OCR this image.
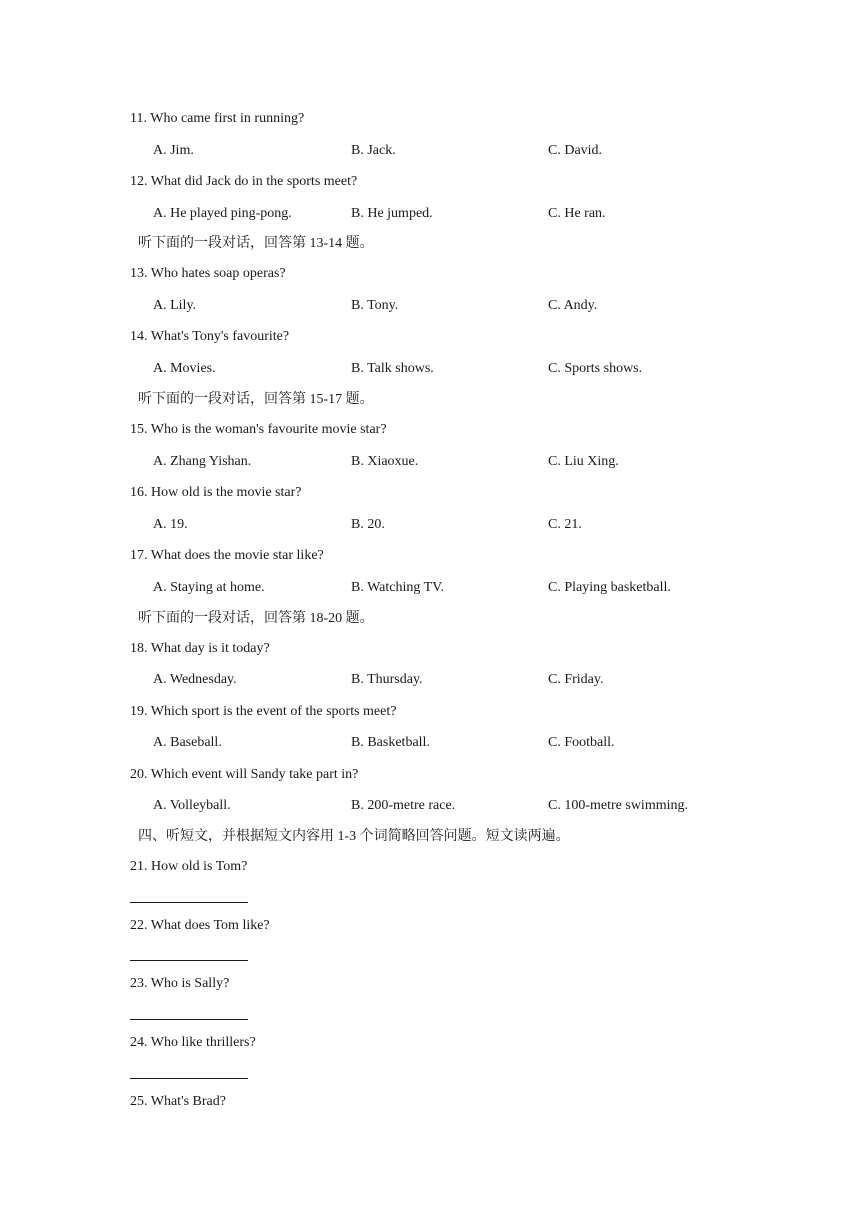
11. Who came first in running?
A. Jim.	B. Jack.	C. David.
12. What did Jack do in the sports meet?
A. He played ping-pong.	B. He jumped.	C. He ran.
听下面的一段对话，回答第 13-14 题。
13. Who hates soap operas?
A. Lily.	B. Tony.	C. Andy.
14. What's Tony's favourite?
A. Movies.	B. Talk shows.	C. Sports shows.
听下面的一段对话，回答第 15-17 题。
15. Who is the woman's favourite movie star?
A. Zhang Yishan.	B. Xiaoxue.	C. Liu Xing.
16. How old is the movie star?
A. 19.	B. 20.	C. 21.
17. What does the movie star like?
A. Staying at home.	B. Watching TV.	C. Playing basketball.
听下面的一段对话，回答第 18-20 题。
18. What day is it today?
A. Wednesday.	B. Thursday.	C. Friday.
19. Which sport is the event of the sports meet?
A. Baseball.	B. Basketball.	C. Football.
20. Which event will Sandy take part in?
A. Volleyball.	B. 200-metre race.	C. 100-metre swimming.
四、听短文，并根据短文内容用 1-3 个词简略回答问题。短文读两遍。
21. How old is Tom?
22. What does Tom like?
23. Who is Sally?
24. Who like thrillers?
25. What's Brad?
